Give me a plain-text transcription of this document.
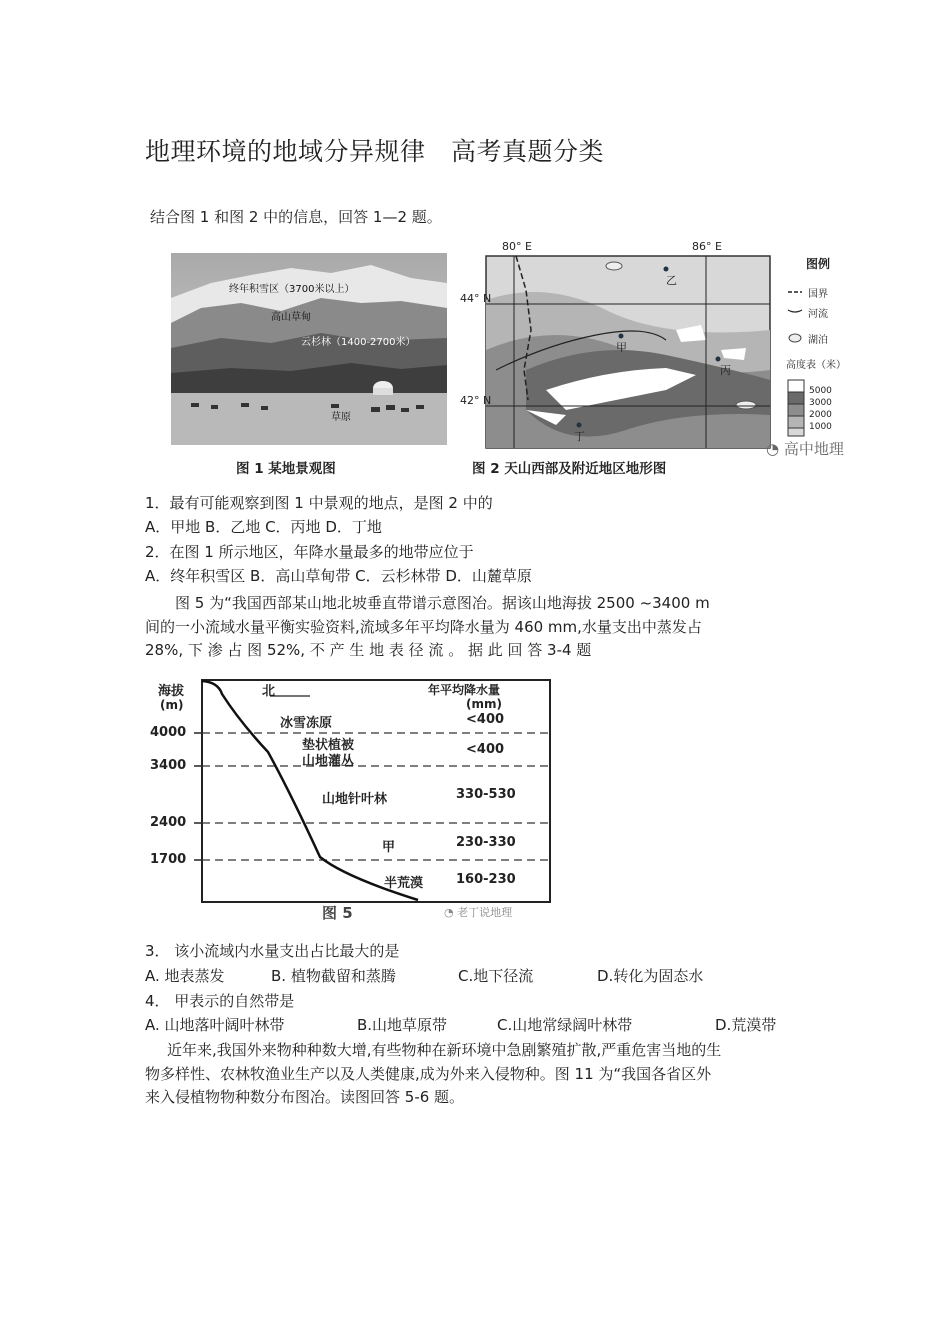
地理环境的地域分异规律　高考真题分类
结合图 1 和图 2 中的信息，回答 1—2 题。
终年积雪区（3700米以上）
高山草甸
云杉林（1400-2700米）
草原
图 1 某地景观图
80° E	86° E
44° N
42° N
乙
甲
丙
丁
图例
国界
河流
湖泊
高度表（米）
5000
3000
2000
1000
◔ 高中地理
图 2 天山西部及附近地区地形图
1．最有可能观察到图 1 中景观的地点，是图 2 中的
A．甲地 B．乙地 C．丙地 D．丁地
2．在图 1 所示地区，年降水量最多的地带应位于
A．终年积雪区 B．高山草甸带 C．云杉林带 D．山麓草原
图 5 为“我国西部某山地北坡垂直带谱示意图冶。据该山地海拔 2500 ~3400 m
间的一小流域水量平衡实验资料,流域多年平均降水量为 460 mm,水量支出中蒸发占
28%, 下 渗 占 图 52%, 不 产 生 地 表 径 流 。 据 此 回 答 3-4 题
海拔
(m)
4000
3400
2400
1700
北	年平均降水量
(mm)
冰雪冻原	<400
垫状植被
山地灌丛
<400
山地针叶林	330-530
甲	230-330
半荒漠	160-230
图 5	◔ 老丁说地理
3． 该小流域内水量支出占比最大的是
A. 地表蒸发	B. 植物截留和蒸腾	C.地下径流	D.转化为固态水
4． 甲表示的自然带是
A. 山地落叶阔叶林带	B.山地草原带	C.山地常绿阔叶林带	D.荒漠带
近年来,我国外来物种种数大增,有些物种在新环境中急剧繁殖扩散,严重危害当地的生
物多样性、农林牧渔业生产以及人类健康,成为外来入侵物种。图 11 为“我国各省区外
来入侵植物物种数分布图冶。读图回答 5-6 题。
